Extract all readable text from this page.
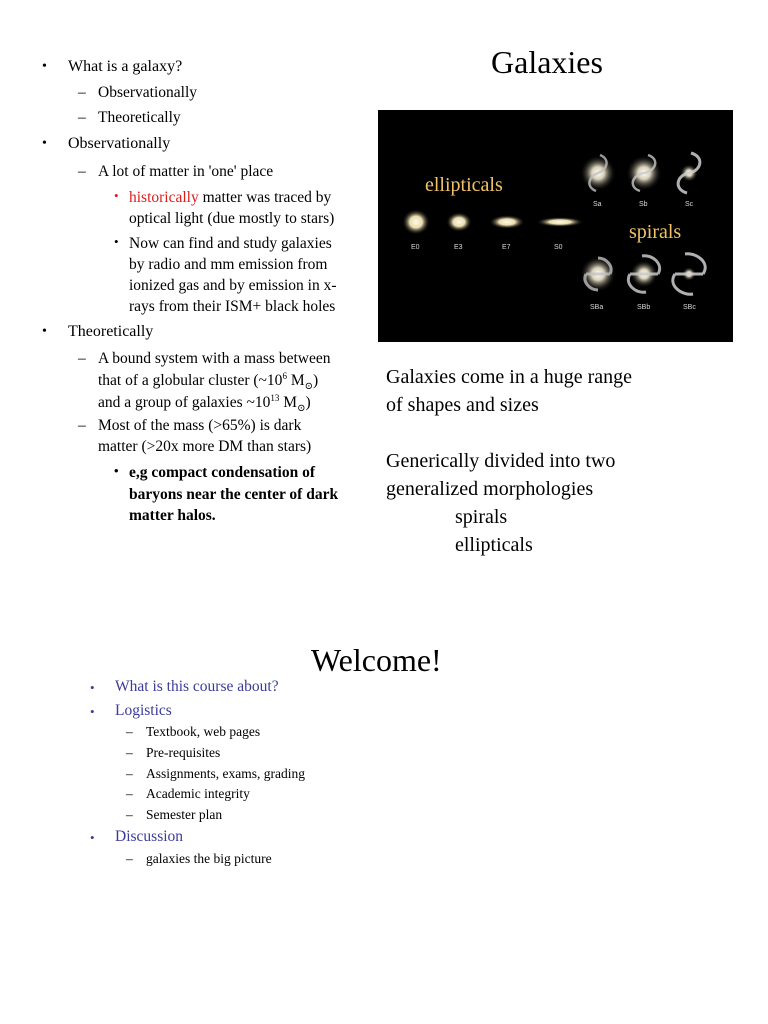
Galaxies
• What is a galaxy?
– Observationally
– Theoretically
• Observationally
– A lot of matter in 'one' place
• historically matter was traced by
optical light (due mostly to stars)
• Now can find and study galaxies
by radio and mm emission from
ionized gas and by emission in x-
rays from their ISM+ black holes
• Theoretically
– A bound system with a mass between
that of a globular cluster ($\sim 10^6$ $M_⊙$)
and a group of galaxies $\sim 10^{13}$ $M_⊙$)
– Most of the mass (>65%) is dark
matter (>20x more DM than stars)
• e,g compact condensation of
baryons near the center of dark
matter halos.
ellipticals
spirals
E0	E3	E7	S0
Sa	Sb	Sc
SBa	SBb	SBc
Galaxies come in a huge range
of shapes and sizes
Generically divided into two
generalized morphologies
spirals
ellipticals
Welcome!
• What is this course about?
• Logistics
– Textbook, web pages
– Pre-requisites
– Assignments, exams, grading
– Academic integrity
– Semester plan
• Discussion
– galaxies the big picture
